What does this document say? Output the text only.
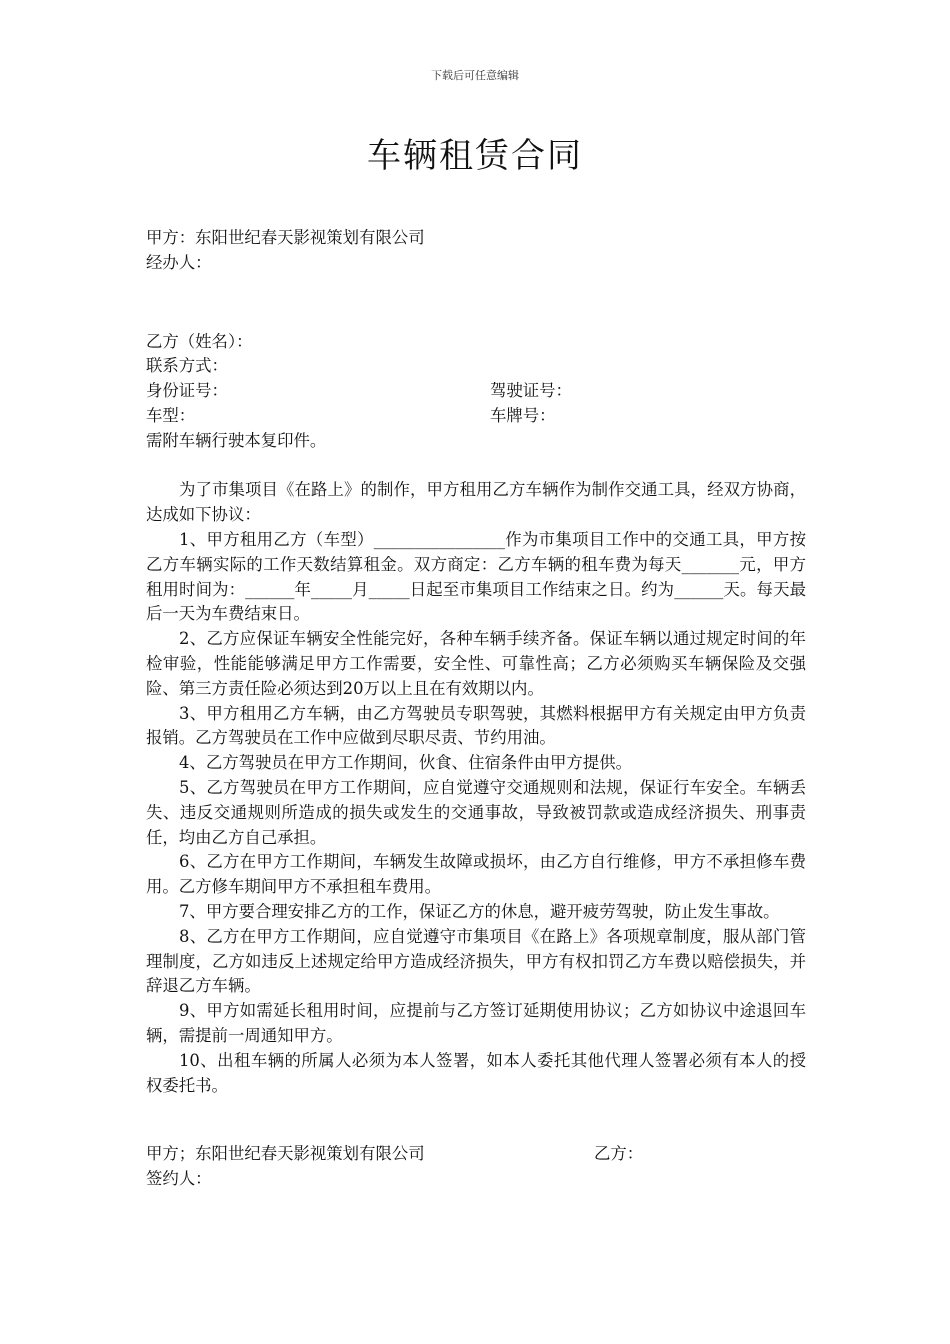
下载后可任意编辑
车辆租赁合同
甲方：东阳世纪春天影视策划有限公司
经办人：
乙方（姓名）：
联系方式：
身份证号：	驾驶证号：
车型：	车牌号：
需附车辆行驶本复印件。
为了市集项目《在路上》的制作，甲方租用乙方车辆作为制作交通工具，经双方协商，达成如下协议：
1、甲方租用乙方（车型）________________作为市集项目工作中的交通工具，甲方按乙方车辆实际的工作天数结算租金。双方商定：乙方车辆的租车费为每天_______元，甲方租用时间为：______年_____月_____日起至市集项目工作结束之日。约为______天。每天最后一天为车费结束日。
2、乙方应保证车辆安全性能完好，各种车辆手续齐备。保证车辆以通过规定时间的年检审验，性能能够满足甲方工作需要，安全性、可靠性高；乙方必须购买车辆保险及交强险、第三方责任险必须达到20万以上且在有效期以内。
3、甲方租用乙方车辆，由乙方驾驶员专职驾驶，其燃料根据甲方有关规定由甲方负责报销。乙方驾驶员在工作中应做到尽职尽责、节约用油。
4、乙方驾驶员在甲方工作期间，伙食、住宿条件由甲方提供。
5、乙方驾驶员在甲方工作期间，应自觉遵守交通规则和法规，保证行车安全。车辆丢失、违反交通规则所造成的损失或发生的交通事故，导致被罚款或造成经济损失、刑事责任，均由乙方自己承担。
6、乙方在甲方工作期间，车辆发生故障或损坏，由乙方自行维修，甲方不承担修车费用。乙方修车期间甲方不承担租车费用。
7、甲方要合理安排乙方的工作，保证乙方的休息，避开疲劳驾驶，防止发生事故。
8、乙方在甲方工作期间，应自觉遵守市集项目《在路上》各项规章制度，服从部门管理制度，乙方如违反上述规定给甲方造成经济损失，甲方有权扣罚乙方车费以赔偿损失，并辞退乙方车辆。
9、甲方如需延长租用时间，应提前与乙方签订延期使用协议；乙方如协议中途退回车辆，需提前一周通知甲方。
10、出租车辆的所属人必须为本人签署，如本人委托其他代理人签署必须有本人的授权委托书。
甲方；东阳世纪春天影视策划有限公司	乙方：
签约人：
